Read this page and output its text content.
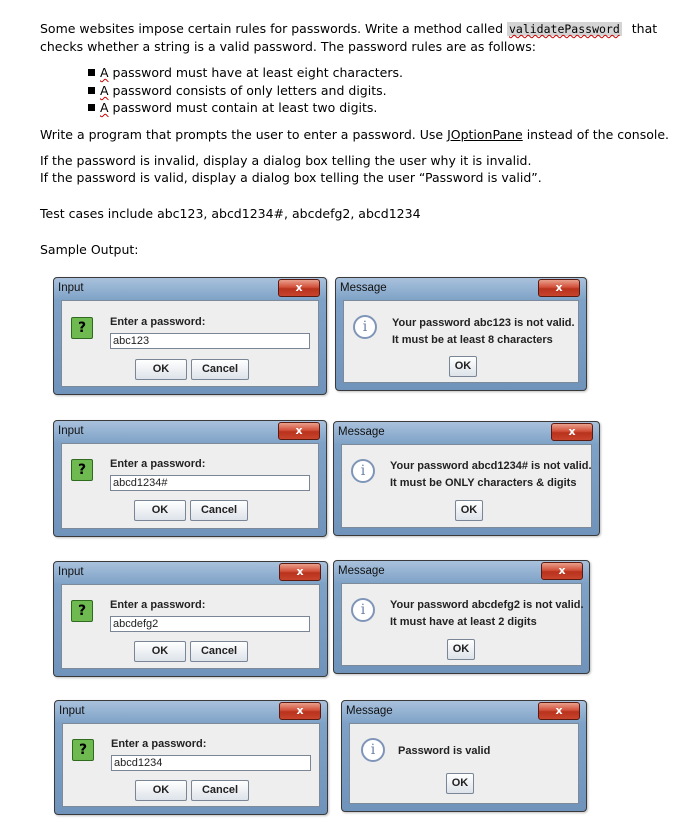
Some websites impose certain rules for passwords. Write a method called validatePassword that
checks whether a string is a valid password. The password rules are as follows:
A password must have at least eight characters.
A password consists of only letters and digits.
A password must contain at least two digits.
Write a program that prompts the user to enter a password. Use JOptionPane instead of the console.
If the password is invalid, display a dialog box telling the user why it is invalid.
If the password is valid, display a dialog box telling the user “Password is valid”.
Test cases include abc123, abcd1234#, abcdefg2, abcd1234
Sample Output:
Input	x
?	Enter a password:
abc123
OK	Cancel
Message	x
i	Your password abc123 is not valid.
It must be at least 8 characters
OK
Input	x
?	Enter a password:
abcd1234#
OK	Cancel
Message	x
i	Your password abcd1234# is not valid.
It must be ONLY characters & digits
OK
Input	x
?	Enter a password:
abcdefg2
OK	Cancel
Message	x
i	Your password abcdefg2 is not valid.
It must have at least 2 digits
OK
Input	x
?	Enter a password:
abcd1234
OK	Cancel
Message	x
i	Password is valid
OK
